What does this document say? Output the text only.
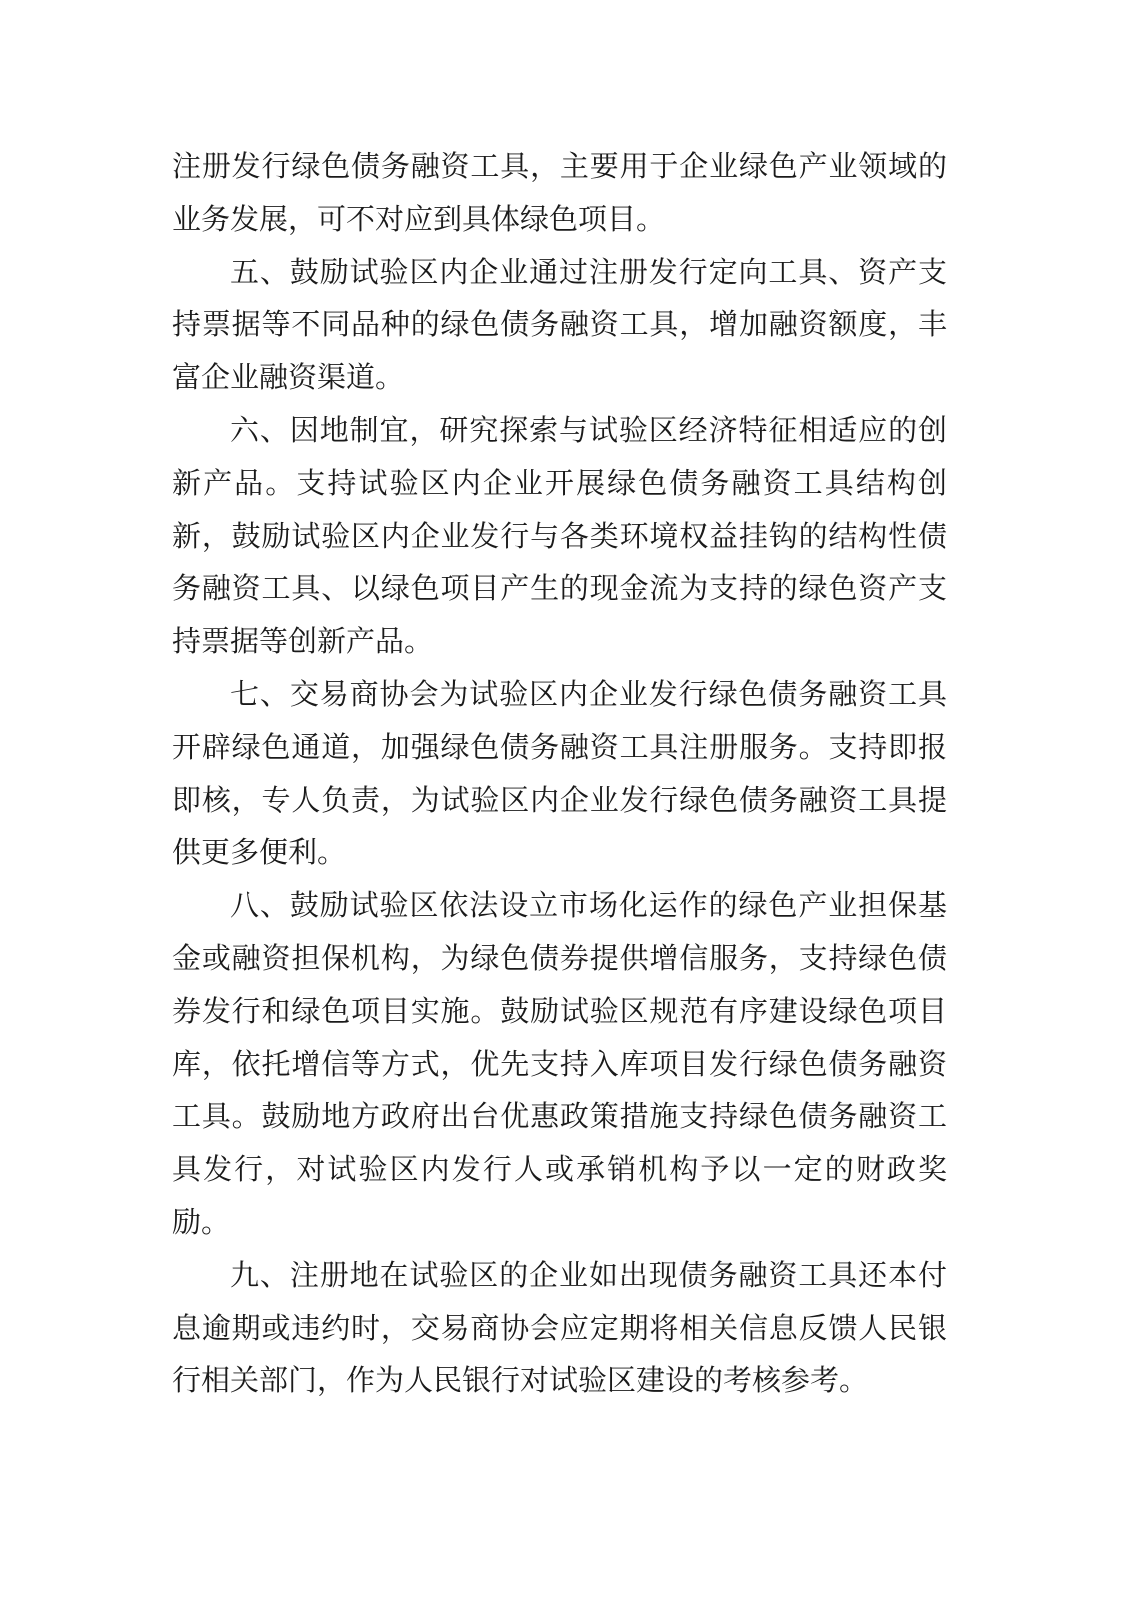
注册发行绿色债务融资工具，主要用于企业绿色产业领域的
业务发展，可不对应到具体绿色项目。
五、鼓励试验区内企业通过注册发行定向工具、资产支
持票据等不同品种的绿色债务融资工具，增加融资额度，丰
富企业融资渠道。
六、因地制宜，研究探索与试验区经济特征相适应的创
新产品。支持试验区内企业开展绿色债务融资工具结构创
新，鼓励试验区内企业发行与各类环境权益挂钩的结构性债
务融资工具、以绿色项目产生的现金流为支持的绿色资产支
持票据等创新产品。
七、交易商协会为试验区内企业发行绿色债务融资工具
开辟绿色通道，加强绿色债务融资工具注册服务。支持即报
即核，专人负责，为试验区内企业发行绿色债务融资工具提
供更多便利。
八、鼓励试验区依法设立市场化运作的绿色产业担保基
金或融资担保机构，为绿色债券提供增信服务，支持绿色债
券发行和绿色项目实施。鼓励试验区规范有序建设绿色项目
库，依托增信等方式，优先支持入库项目发行绿色债务融资
工具。鼓励地方政府出台优惠政策措施支持绿色债务融资工
具发行，对试验区内发行人或承销机构予以一定的财政奖
励。
九、注册地在试验区的企业如出现债务融资工具还本付
息逾期或违约时，交易商协会应定期将相关信息反馈人民银
行相关部门，作为人民银行对试验区建设的考核参考。
